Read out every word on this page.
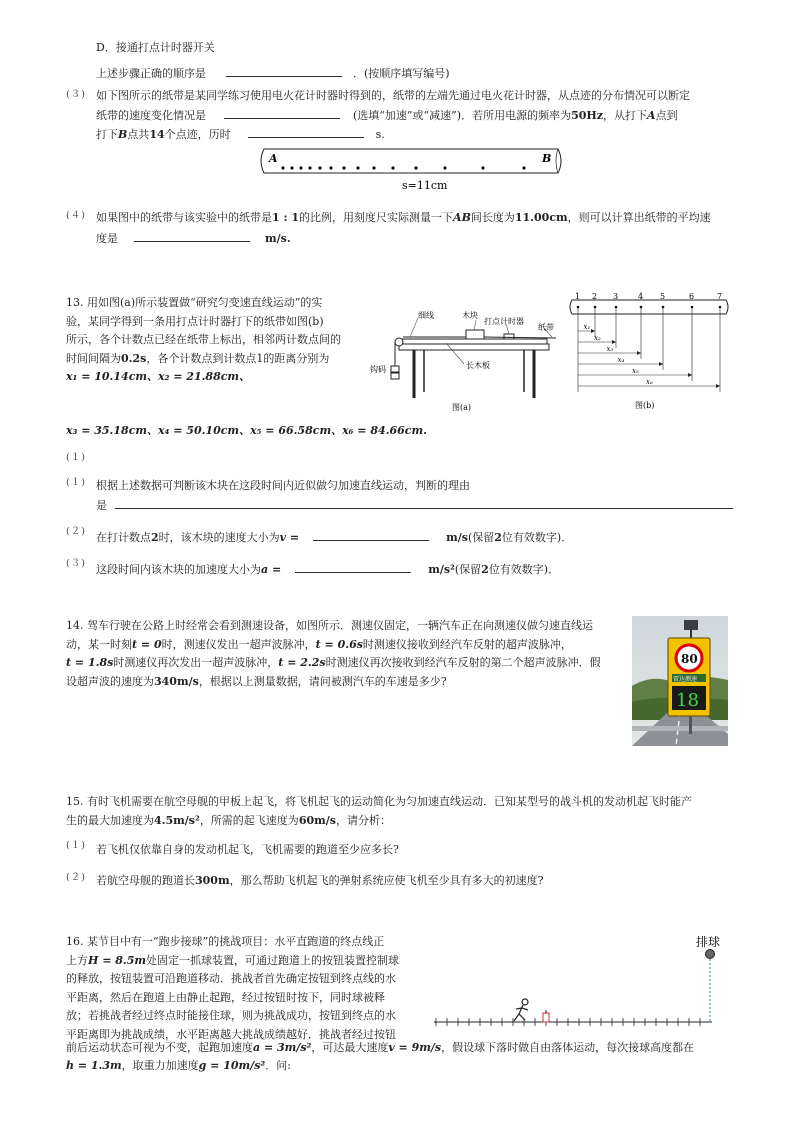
D．接通打点计时器开关
上述步骤正确的顺序是	．(按顺序填写编号)
(３) 如下图所示的纸带是某同学练习使用电火花计时器时得到的，纸带的左端先通过电火花计时器，从点迹的分布情况可以断定
纸带的速度变化情况是	(选填“加速”或“减速”)．若所用电源的频率为50Hz，从打下A点到
打下B点共14个点迹，历时	s.
A	B
s=11cm
(４) 如果图中的纸带与该实验中的纸带是1 : 1的比例，用刻度尺实际测量一下AB间长度为11.00cm，则可以计算出纸带的平均速
度是	m/s.
13. 用如图(a)所示装置做“研究匀变速直线运动”的实
验，某同学得到一条用打点计时器打下的纸带如图(b)
所示，各个计数点已经在纸带上标出，相邻两计数点间的
时间间隔为0.2s，各个计数点到计数点1的距离分别为
x₁ = 10.14cm、x₂ = 21.88cm、
细线	木块
打点计时器
纸带
钩码	长木板
图(a)
1 2 3 4 5	6	7
x₁
x₂
x₃
x₄
x₅
x₆
图(b)
x₃ = 35.18cm、x₄ = 50.10cm、x₅ = 66.58cm、x₆ = 84.66cm.
(１)
(１) 根据上述数据可判断该木块在这段时间内近似做匀加速直线运动，判断的理由
是
(２) 在打计数点2时，该木块的速度大小为v =	m/s(保留2位有效数字)．
(３) 这段时间内该木块的加速度大小为a =	m/s²(保留2位有效数字)．
14. 驾车行驶在公路上时经常会看到测速设备，如图所示．测速仪固定，一辆汽车正在向测速仪做匀速直线运
动，某一时刻t = 0时，测速仪发出一超声波脉冲，t = 0.6s时测速仪接收到经汽车反射的超声波脉冲，
t = 1.8s时测速仪再次发出一超声波脉冲，t = 2.2s时测速仪再次接收到经汽车反射的第二个超声波脉冲．假
设超声波的速度为340m/s，根据以上测量数据，请问被测汽车的车速是多少?
80
雷达测速
18
15. 有时飞机需要在航空母舰的甲板上起飞，将飞机起飞的运动简化为匀加速直线运动．已知某型号的战斗机的发动机起飞时能产
生的最大加速度为4.5m/s²，所需的起飞速度为60m/s，请分析：
(１) 若飞机仅依靠自身的发动机起飞，飞机需要的跑道至少应多长?
(２) 若航空母舰的跑道长300m，那么帮助飞机起飞的弹射系统应使飞机至少具有多大的初速度?
16. 某节目中有一“跑步接球”的挑战项目：水平直跑道的终点线正
上方H = 8.5m处固定一抓球装置，可通过跑道上的按钮装置控制球
的释放，按钮装置可沿跑道移动．挑战者首先确定按钮到终点线的水
平距离，然后在跑道上由静止起跑，经过按钮时按下，同时球被释
放；若挑战者经过终点时能接住球，则为挑战成功，按钮到终点的水
平距离即为挑战成绩，水平距离越大挑战成绩越好．挑战者经过按钮
前后运动状态可视为不变，起跑加速度a = 3m/s²，可达最大速度v = 9m/s，假设球下落时做自由落体运动，每次接球高度都在
h = 1.3m，取重力加速度g = 10m/s²．问:
排球
